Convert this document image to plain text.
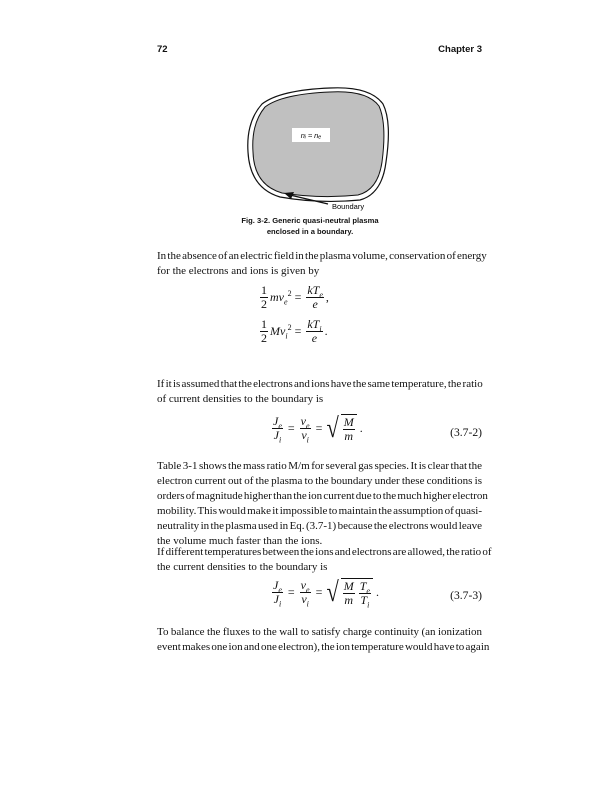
72	Chapter 3
nᵢ ≈ nₑ
Boundary
Fig. 3-2. Generic quasi-neutral plasma
enclosed in a boundary.
In the absence of an electric field in the plasma volume, conservation of energy
for the electrons and ions is given by
$\frac{1}{2} mv_e^2 = \frac{kT_e}{e}$ ,
$\frac{1}{2} Mv_i^2 = \frac{kT_i}{e}$ .
If it is assumed that the electrons and ions have the same temperature, the ratio
of current densities to the boundary is
$\frac{J_e}{J_i} = \frac{v_e}{v_i}$ = √ $\frac{M}{m}$ .	(3.7-2)
Table 3-1 shows the mass ratio M/m for several gas species. It is clear that the
electron current out of the plasma to the boundary under these conditions is
orders of magnitude higher than the ion current due to the much higher electron
mobility. This would make it impossible to maintain the assumption of quasi-
neutrality in the plasma used in Eq. (3.7-1) because the electrons would leave
the volume much faster than the ions.
If different temperatures between the ions and electrons are allowed, the ratio of
the current densities to the boundary is
$\frac{J_e}{J_i} = \frac{v_e}{v_i}$ = √ $\frac{M}{m} \frac{T_e}{T_i}$ .	(3.7-3)
To balance the fluxes to the wall to satisfy charge continuity (an ionization
event makes one ion and one electron), the ion temperature would have to again
